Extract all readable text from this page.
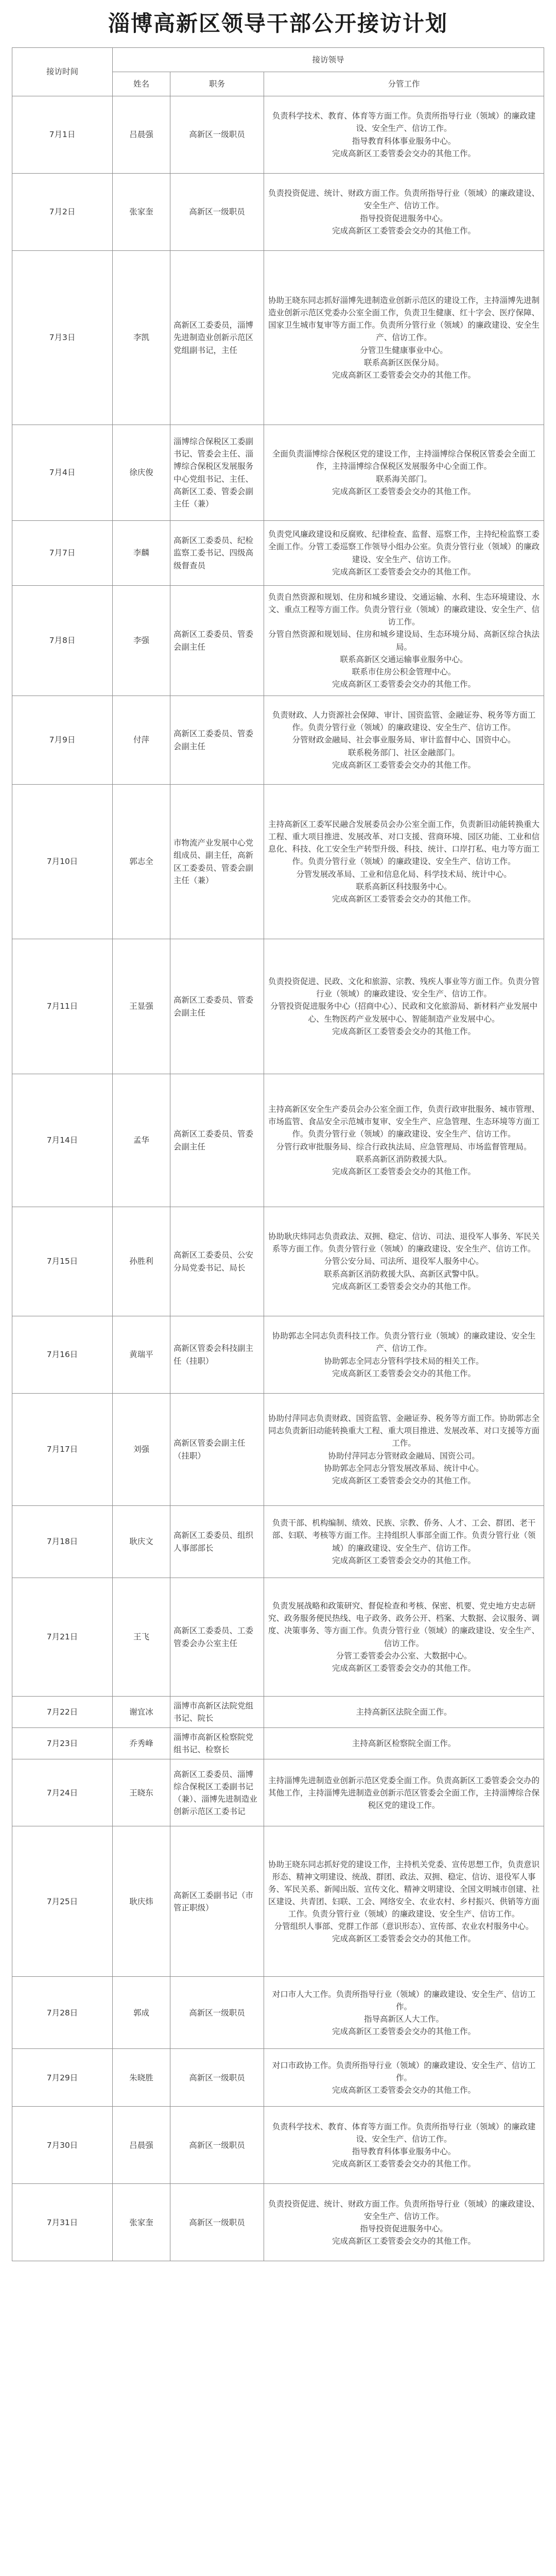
淄博高新区领导干部公开接访计划
接访时间	接访领导		
	姓名	职务	分管工作
7月1日	吕晨强	高新区一级职员	负责科学技术、教育、体育等方面工作。负责所指导行业（领域）的廉政建设、安全生产、信访工作。
指导教育科体事业服务中心。
完成高新区工委管委会交办的其他工作。

7月2日	张家奎	高新区一级职员	负责投资促进、统计、财政方面工作。负责所指导行业（领域）的廉政建设、安全生产、信访工作。
指导投资促进服务中心。
完成高新区工委管委会交办的其他工作。

7月3日	李凯	高新区工委委员，淄博先进制造业创新示范区党组副书记，主任	协助王晓东同志抓好淄博先进制造业创新示范区的建设工作，主持淄博先进制造业创新示范区党委办公室全面工作，负责卫生健康、红十字会、医疗保障、国家卫生城市复审等方面工作。负责所分管行业（领域）的廉政建设、安全生产、信访工作。
分管卫生健康事业中心。
联系高新区医保分局。
完成高新区工委管委会交办的其他工作。

7月4日	徐庆俊	淄博综合保税区工委副书记、管委会主任、淄博综合保税区发展服务中心党组书记、主任、高新区工委、管委会副主任（兼）	全面负责淄博综合保税区党的建设工作，主持淄博综合保税区管委会全面工作，主持淄博综合保税区发展服务中心全面工作。
联系海关部门。
完成高新区工委管委会交办的其他工作。

7月7日	李麟	高新区工委委员、纪检监察工委书记、四级高级督查员	负责党风廉政建设和反腐败、纪律检查、监督、巡察工作，主持纪检监察工委全面工作。分管工委巡察工作领导小组办公室。负责分管行业（领域）的廉政建设、安全生产、信访工作。
完成高新区工委管委会交办的其他工作。

7月8日	李强	高新区工委委员、管委会副主任	负责自然资源和规划、住房和城乡建设、交通运输、水利、生态环境建设、水文、重点工程等方面工作。负责分管行业（领域）的廉政建设、安全生产、信访工作。
分管自然资源和规划局、住房和城乡建设局、生态环境分局、高新区综合执法局。
联系高新区交通运输事业服务中心。
联系市住房公积金管理中心。
完成高新区工委管委会交办的其他工作。

7月9日	付萍	高新区工委委员、管委会副主任	负责财政、人力资源社会保障、审计、国资监管、金融证券、税务等方面工作。负责分管行业（领域）的廉政建设、安全生产、信访工作。
分管财政金融局、社会事业服务局、审计监督中心、国资中心。
联系税务部门、社区金融部门。
完成高新区工委管委会交办的其他工作。

7月10日	郭志全	市物流产业发展中心党组成员、副主任，高新区工委委员、管委会副主任（兼）	主持高新区工委军民融合发展委员会办公室全面工作，负责新旧动能转换重大工程、重大项目推进、发展改革、对口支援、营商环境、园区功能、工业和信息化、科技、化工安全生产转型升级、科技、统计、口岸打私、电力等方面工作。负责分管行业（领域）的廉政建设、安全生产、信访工作。
分管发展改革局、工业和信息化局、科学技术局、统计中心。
联系高新区科技服务中心。
完成高新区工委管委会交办的其他工作。

7月11日	王显强	高新区工委委员、管委会副主任	负责投资促进、民政、文化和旅游、宗教、残疾人事业等方面工作。负责分管行业（领域）的廉政建设、安全生产、信访工作。
分管投资促进服务中心（招商中心）、民政和文化旅游局、新材料产业发展中心、生物医药产业发展中心、智能制造产业发展中心。
完成高新区工委管委会交办的其他工作。

7月14日	孟华	高新区工委委员、管委会副主任	主持高新区安全生产委员会办公室全面工作，负责行政审批服务、城市管理、市场监管、食品安全示范城市复审、安全生产、应急管理、生态环境等方面工作。负责分管行业（领域）的廉政建设、安全生产、信访工作。
分管行政审批服务局、综合行政执法局、应急管理局、市场监督管理局。
联系高新区消防救援大队。
完成高新区工委管委会交办的其他工作。

7月15日	孙胜利	高新区工委委员、公安分局党委书记、局长	协助耿庆炜同志负责政法、双拥、稳定、信访、司法、退役军人事务、军民关系等方面工作。负责分管行业（领域）的廉政建设、安全生产、信访工作。
分管公安分局、司法所、退役军人服务中心。
联系高新区消防救援大队、高新区武警中队。
完成高新区工委管委会交办的其他工作。

7月16日	黄瑞平	高新区管委会科技副主任（挂职）	协助郭志全同志负责科技工作。负责分管行业（领域）的廉政建设、安全生产、信访工作。
协助郭志全同志分管科学技术局的相关工作。
完成高新区工委管委会交办的其他工作。

7月17日	刘强	高新区管委会副主任（挂职）	协助付萍同志负责财政、国资监管、金融证券、税务等方面工作。协助郭志全同志负责新旧动能转换重大工程、重大项目推进、发展改革、对口支援等方面工作。
协助付萍同志分管财政金融局、国资公司。
协助郭志全同志分管发展改革局、统计中心。
完成高新区工委管委会交办的其他工作。

7月18日	耿庆文	高新区工委委员、组织人事部部长	负责干部、机构编制、绩效、民族、宗教、侨务、人才、工会、群团、老干部、妇联、考核等方面工作。主持组织人事部全面工作。负责分管行业（领域）的廉政建设、安全生产、信访工作。
完成高新区工委管委会交办的其他工作。

7月21日	王飞	高新区工委委员、工委管委会办公室主任	负责发展战略和政策研究、督促检查和考核、保密、机要、党史地方史志研究、政务服务便民热线、电子政务、政务公开、档案、大数据、会议服务、调度、决策事务、等方面工作。负责分管行业（领域）的廉政建设、安全生产、信访工作。
分管工委管委会办公室、大数据中心。
完成高新区工委管委会交办的其他工作。

7月22日	谢宜冰	淄博市高新区法院党组书记、院长	主持高新区法院全面工作。

7月23日	乔秀峰	淄博市高新区检察院党组书记、检察长	主持高新区检察院全面工作。

7月24日	王晓东	高新区工委委员、淄博综合保税区工委副书记（兼）、淄博先进制造业创新示范区工委书记	主持淄博先进制造业创新示范区党委全面工作。负责高新区工委管委会交办的其他工作，主持淄博先进制造业创新示范区管委会全面工作，主持淄博综合保税区党的建设工作。

7月25日	耿庆炜	高新区工委副书记（市管正职级）	协助王晓东同志抓好党的建设工作，主持机关党委、宣传思想工作，负责意识形态、精神文明建设、统战、群团、政法、双拥、稳定、信访、退役军人事务、军民关系、新闻出版、宣传文化、精神文明建设、全国文明城市创建、社区建设、共青团、妇联、工会、网络安全、农业农村、乡村振兴、供销等方面工作。负责分管行业（领域）的廉政建设、安全生产、信访工作。
分管组织人事部、党群工作部（意识形态）、宣传部、农业农村服务中心。
完成高新区工委管委会交办的其他工作。

7月28日	郭成	高新区一级职员	对口市人大工作。负责所指导行业（领域）的廉政建设、安全生产、信访工作。
指导高新区人大工作。
完成高新区工委管委会交办的其他工作。

7月29日	朱晓胜	高新区一级职员	对口市政协工作。负责所指导行业（领域）的廉政建设、安全生产、信访工作。
完成高新区工委管委会交办的其他工作。

7月30日	吕晨强	高新区一级职员	负责科学技术、教育、体育等方面工作。负责所指导行业（领域）的廉政建设、安全生产、信访工作。
指导教育科体事业服务中心。
完成高新区工委管委会交办的其他工作。

7月31日	张家奎	高新区一级职员	负责投资促进、统计、财政方面工作。负责所指导行业（领域）的廉政建设、安全生产、信访工作。
指导投资促进服务中心。
完成高新区工委管委会交办的其他工作。
